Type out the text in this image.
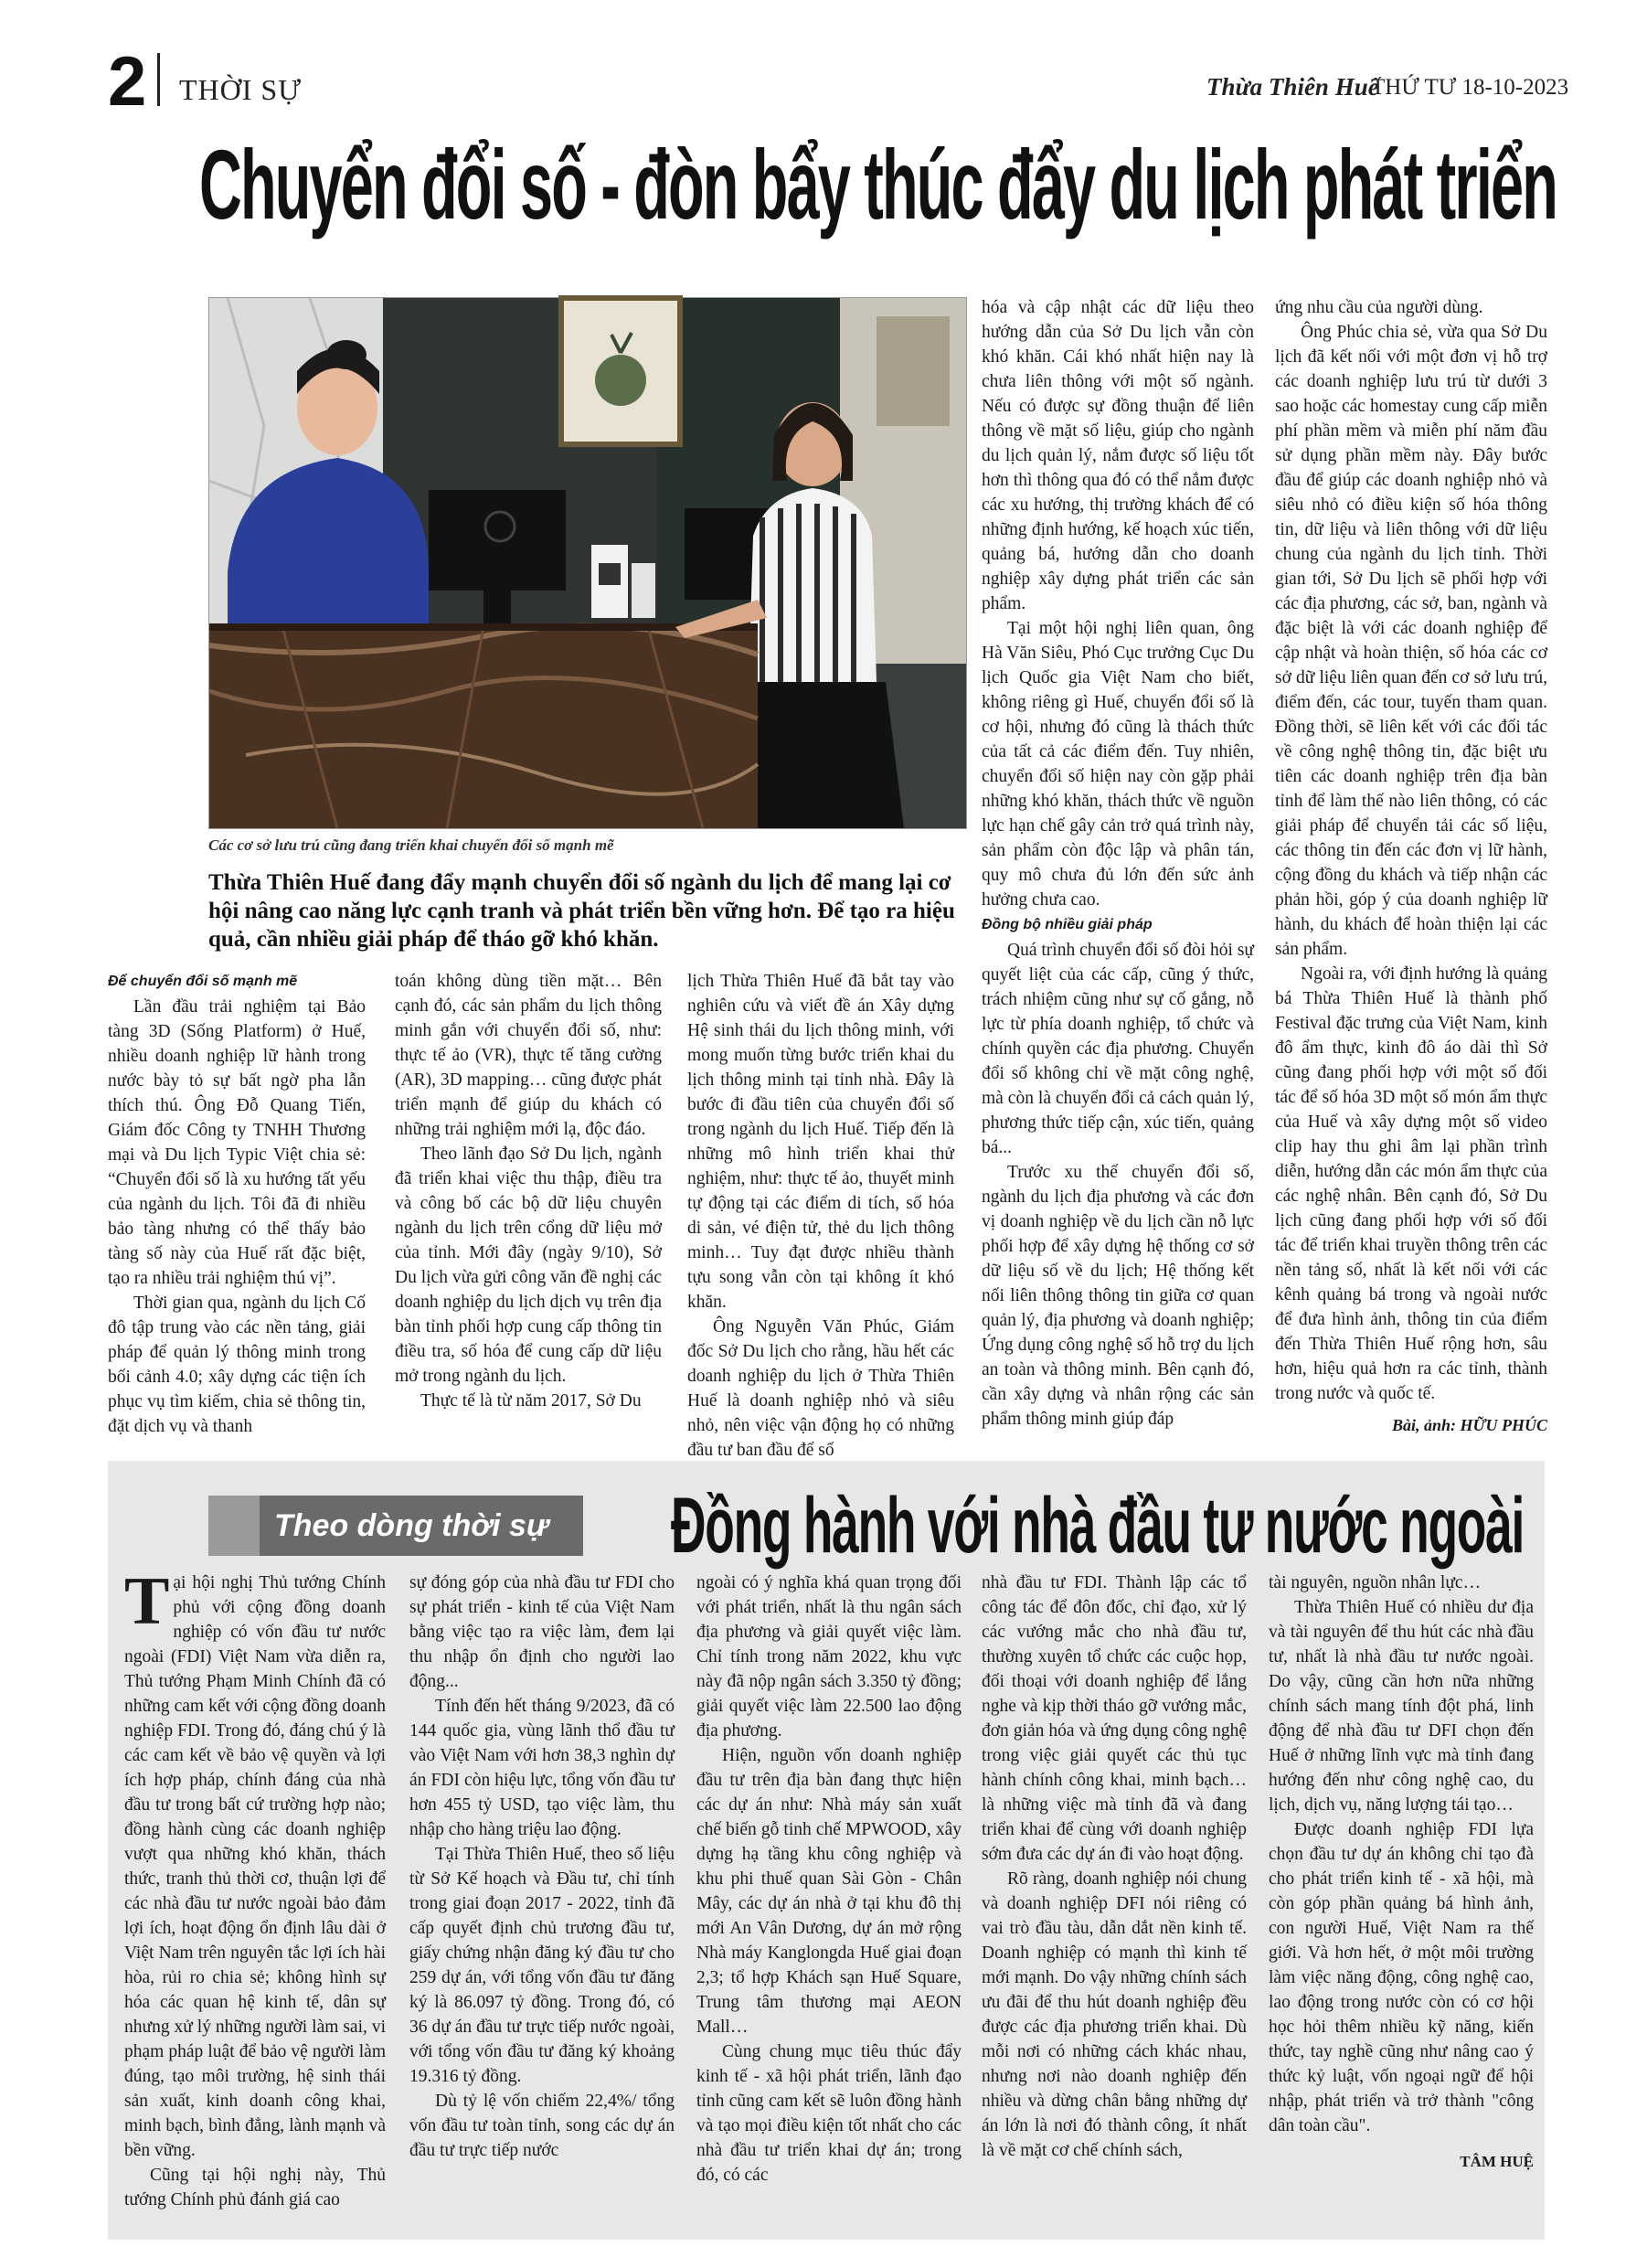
2 THỜI SỰ	Thừa Thiên Huế
THỨ TƯ 18-10-2023
Chuyển đổi số - đòn bẩy thúc đẩy du lịch phát triển
Các cơ sở lưu trú cũng đang triển khai chuyển đổi số mạnh mẽ
Thừa Thiên Huế đang đẩy mạnh chuyển đổi số ngành du lịch để mang lại cơ hội nâng cao năng lực cạnh tranh và phát triển bền vững hơn. Để tạo ra hiệu quả, cần nhiều giải pháp để tháo gỡ khó khăn.
Để chuyển đổi số mạnh mẽ

Lần đầu trải nghiệm tại Bảo tàng 3D (Sống Platform) ở Huế, nhiều doanh nghiệp lữ hành trong nước bày tỏ sự bất ngờ pha lẫn thích thú. Ông Đỗ Quang Tiến, Giám đốc Công ty TNHH Thương mại và Du lịch Typic Việt chia sẻ: “Chuyển đổi số là xu hướng tất yếu của ngành du lịch. Tôi đã đi nhiều bảo tàng nhưng có thể thấy bảo tàng số này của Huế rất đặc biệt, tạo ra nhiều trải nghiệm thú vị”.

Thời gian qua, ngành du lịch Cố đô tập trung vào các nền tảng, giải pháp để quản lý thông minh trong bối cảnh 4.0; xây dựng các tiện ích phục vụ tìm kiếm, chia sẻ thông tin, đặt dịch vụ và thanh

toán không dùng tiền mặt… Bên cạnh đó, các sản phẩm du lịch thông minh gắn với chuyển đổi số, như: thực tế ảo (VR), thực tế tăng cường (AR), 3D mapping… cũng được phát triển mạnh để giúp du khách có những trải nghiệm mới lạ, độc đáo.

Theo lãnh đạo Sở Du lịch, ngành đã triển khai việc thu thập, điều tra và công bố các bộ dữ liệu chuyên ngành du lịch trên cổng dữ liệu mở của tỉnh. Mới đây (ngày 9/10), Sở Du lịch vừa gửi công văn đề nghị các doanh nghiệp du lịch dịch vụ trên địa bàn tỉnh phối hợp cung cấp thông tin điều tra, số hóa để cung cấp dữ liệu mở trong ngành du lịch.

Thực tế là từ năm 2017, Sở Du

lịch Thừa Thiên Huế đã bắt tay vào nghiên cứu và viết đề án Xây dựng Hệ sinh thái du lịch thông minh, với mong muốn từng bước triển khai du lịch thông minh tại tỉnh nhà. Đây là bước đi đầu tiên của chuyển đổi số trong ngành du lịch Huế. Tiếp đến là những mô hình triển khai thử nghiệm, như: thực tế ảo, thuyết minh tự động tại các điểm di tích, số hóa di sản, vé điện tử, thẻ du lịch thông minh… Tuy đạt được nhiều thành tựu song vẫn còn tại không ít khó khăn.

Ông Nguyễn Văn Phúc, Giám đốc Sở Du lịch cho rằng, hầu hết các doanh nghiệp du lịch ở Thừa Thiên Huế là doanh nghiệp nhỏ và siêu nhỏ, nên việc vận động họ có những đầu tư ban đầu để số

hóa và cập nhật các dữ liệu theo hướng dẫn của Sở Du lịch vẫn còn khó khăn. Cái khó nhất hiện nay là chưa liên thông với một số ngành. Nếu có được sự đồng thuận để liên thông về mặt số liệu, giúp cho ngành du lịch quản lý, nắm được số liệu tốt hơn thì thông qua đó có thể nắm được các xu hướng, thị trường khách để có những định hướng, kế hoạch xúc tiến, quảng bá, hướng dẫn cho doanh nghiệp xây dựng phát triển các sản phẩm.

Tại một hội nghị liên quan, ông Hà Văn Siêu, Phó Cục trưởng Cục Du lịch Quốc gia Việt Nam cho biết, không riêng gì Huế, chuyển đổi số là cơ hội, nhưng đó cũng là thách thức của tất cả các điểm đến. Tuy nhiên, chuyển đổi số hiện nay còn gặp phải những khó khăn, thách thức về nguồn lực hạn chế gây cản trở quá trình này, sản phẩm còn độc lập và phân tán, quy mô chưa đủ lớn đến sức ảnh hưởng chưa cao.

Đồng bộ nhiều giải pháp

Quá trình chuyển đổi số đòi hỏi sự quyết liệt của các cấp, cũng ý thức, trách nhiệm cũng như sự cố gắng, nỗ lực từ phía doanh nghiệp, tổ chức và chính quyền các địa phương. Chuyển đổi số không chỉ về mặt công nghệ, mà còn là chuyển đổi cả cách quản lý, phương thức tiếp cận, xúc tiến, quảng bá...

Trước xu thế chuyển đổi số, ngành du lịch địa phương và các đơn vị doanh nghiệp về du lịch cần nỗ lực phối hợp để xây dựng hệ thống cơ sở dữ liệu số về du lịch; Hệ thống kết nối liên thông thông tin giữa cơ quan quản lý, địa phương và doanh nghiệp; Ứng dụng công nghệ số hỗ trợ du lịch an toàn và thông minh. Bên cạnh đó, cần xây dựng và nhân rộng các sản phẩm thông minh giúp đáp

ứng nhu cầu của người dùng.

Ông Phúc chia sẻ, vừa qua Sở Du lịch đã kết nối với một đơn vị hỗ trợ các doanh nghiệp lưu trú từ dưới 3 sao hoặc các homestay cung cấp miễn phí phần mềm và miễn phí năm đầu sử dụng phần mềm này. Đây bước đầu để giúp các doanh nghiệp nhỏ và siêu nhỏ có điều kiện số hóa thông tin, dữ liệu và liên thông với dữ liệu chung của ngành du lịch tỉnh. Thời gian tới, Sở Du lịch sẽ phối hợp với các địa phương, các sở, ban, ngành và đặc biệt là với các doanh nghiệp để cập nhật và hoàn thiện, số hóa các cơ sở dữ liệu liên quan đến cơ sở lưu trú, điểm đến, các tour, tuyến tham quan. Đồng thời, sẽ liên kết với các đối tác về công nghệ thông tin, đặc biệt ưu tiên các doanh nghiệp trên địa bàn tỉnh để làm thế nào liên thông, có các giải pháp để chuyển tải các số liệu, các thông tin đến các đơn vị lữ hành, cộng đồng du khách và tiếp nhận các phản hồi, góp ý của doanh nghiệp lữ hành, du khách để hoàn thiện lại các sản phẩm.

Ngoài ra, với định hướng là quảng bá Thừa Thiên Huế là thành phố Festival đặc trưng của Việt Nam, kinh đô ẩm thực, kinh đô áo dài thì Sở cũng đang phối hợp với một số đối tác để số hóa 3D một số món ẩm thực của Huế và xây dựng một số video clip hay thu ghi âm lại phần trình diễn, hướng dẫn các món ẩm thực của các nghệ nhân. Bên cạnh đó, Sở Du lịch cũng đang phối hợp với số đối tác để triển khai truyền thông trên các nền tảng số, nhất là kết nối với các kênh quảng bá trong và ngoài nước để đưa hình ảnh, thông tin của điểm đến Thừa Thiên Huế rộng hơn, sâu hơn, hiệu quả hơn ra các tỉnh, thành trong nước và quốc tế.

Bài, ảnh: HỮU PHÚC
Theo dòng thời sự Đồng hành với nhà đầu tư nước ngoài

Tại hội nghị Thủ tướng Chính phủ với cộng đồng doanh nghiệp có vốn đầu tư nước ngoài (FDI) Việt Nam vừa diễn ra, Thủ tướng Phạm Minh Chính đã có những cam kết với cộng đồng doanh nghiệp FDI. Trong đó, đáng chú ý là các cam kết về bảo vệ quyền và lợi ích hợp pháp, chính đáng của nhà đầu tư trong bất cứ trường hợp nào; đồng hành cùng các doanh nghiệp vượt qua những khó khăn, thách thức, tranh thủ thời cơ, thuận lợi để các nhà đầu tư nước ngoài bảo đảm lợi ích, hoạt động ổn định lâu dài ở Việt Nam trên nguyên tắc lợi ích hài hòa, rủi ro chia sẻ; không hình sự hóa các quan hệ kinh tế, dân sự nhưng xử lý những người làm sai, vi phạm pháp luật để bảo vệ người làm đúng, tạo môi trường, hệ sinh thái sản xuất, kinh doanh công khai, minh bạch, bình đẳng, lành mạnh và bền vững.

Cũng tại hội nghị này, Thủ tướng Chính phủ đánh giá cao

sự đóng góp của nhà đầu tư FDI cho sự phát triển - kinh tế của Việt Nam bằng việc tạo ra việc làm, đem lại thu nhập ổn định cho người lao động...

Tính đến hết tháng 9/2023, đã có 144 quốc gia, vùng lãnh thổ đầu tư vào Việt Nam với hơn 38,3 nghìn dự án FDI còn hiệu lực, tổng vốn đầu tư hơn 455 tỷ USD, tạo việc làm, thu nhập cho hàng triệu lao động.

Tại Thừa Thiên Huế, theo số liệu từ Sở Kế hoạch và Đầu tư, chỉ tính trong giai đoạn 2017 - 2022, tỉnh đã cấp quyết định chủ trương đầu tư, giấy chứng nhận đăng ký đầu tư cho 259 dự án, với tổng vốn đầu tư đăng ký là 86.097 tỷ đồng. Trong đó, có 36 dự án đầu tư trực tiếp nước ngoài, với tổng vốn đầu tư đăng ký khoảng 19.316 tỷ đồng.

Dù tỷ lệ vốn chiếm 22,4%/ tổng vốn đầu tư toàn tỉnh, song các dự án đầu tư trực tiếp nước

ngoài có ý nghĩa khá quan trọng đối với phát triển, nhất là thu ngân sách địa phương và giải quyết việc làm. Chỉ tính trong năm 2022, khu vực này đã nộp ngân sách 3.350 tỷ đồng; giải quyết việc làm 22.500 lao động địa phương.

Hiện, nguồn vốn doanh nghiệp đầu tư trên địa bàn đang thực hiện các dự án như: Nhà máy sản xuất chế biến gỗ tinh chế MPWOOD, xây dựng hạ tầng khu công nghiệp và khu phi thuế quan Sài Gòn - Chân Mây, các dự án nhà ở tại khu đô thị mới An Vân Dương, dự án mở rộng Nhà máy Kanglongda Huế giai đoạn 2,3; tổ hợp Khách sạn Huế Square, Trung tâm thương mại AEON Mall…

Cùng chung mục tiêu thúc đẩy kinh tế - xã hội phát triển, lãnh đạo tỉnh cũng cam kết sẽ luôn đồng hành và tạo mọi điều kiện tốt nhất cho các nhà đầu tư triển khai dự án; trong đó, có các

nhà đầu tư FDI. Thành lập các tổ công tác để đôn đốc, chỉ đạo, xử lý các vướng mắc cho nhà đầu tư, thường xuyên tổ chức các cuộc họp, đối thoại với doanh nghiệp để lắng nghe và kịp thời tháo gỡ vướng mắc, đơn giản hóa và ứng dụng công nghệ trong việc giải quyết các thủ tục hành chính công khai, minh bạch… là những việc mà tỉnh đã và đang triển khai để cùng với doanh nghiệp sớm đưa các dự án đi vào hoạt động.

Rõ ràng, doanh nghiệp nói chung và doanh nghiệp DFI nói riêng có vai trò đầu tàu, dẫn dắt nền kinh tế. Doanh nghiệp có mạnh thì kinh tế mới mạnh. Do vậy những chính sách ưu đãi để thu hút doanh nghiệp đều được các địa phương triển khai. Dù mỗi nơi có những cách khác nhau, nhưng nơi nào doanh nghiệp đến nhiều và dừng chân bằng những dự án lớn là nơi đó thành công, ít nhất là về mặt cơ chế chính sách,

tài nguyên, nguồn nhân lực…

Thừa Thiên Huế có nhiều dư địa và tài nguyên để thu hút các nhà đầu tư, nhất là nhà đầu tư nước ngoài. Do vậy, cũng cần hơn nữa những chính sách mang tính đột phá, linh động để nhà đầu tư DFI chọn đến Huế ở những lĩnh vực mà tỉnh đang hướng đến như công nghệ cao, du lịch, dịch vụ, năng lượng tái tạo…

Được doanh nghiệp FDI lựa chọn đầu tư dự án không chỉ tạo đà cho phát triển kinh tế - xã hội, mà còn góp phần quảng bá hình ảnh, con người Huế, Việt Nam ra thế giới. Và hơn hết, ở một môi trường làm việc năng động, công nghệ cao, lao động trong nước còn có cơ hội học hỏi thêm nhiều kỹ năng, kiến thức, tay nghề cũng như nâng cao ý thức kỷ luật, vốn ngoại ngữ để hội nhập, phát triển và trở thành "công dân toàn cầu".

TÂM HUỆ
